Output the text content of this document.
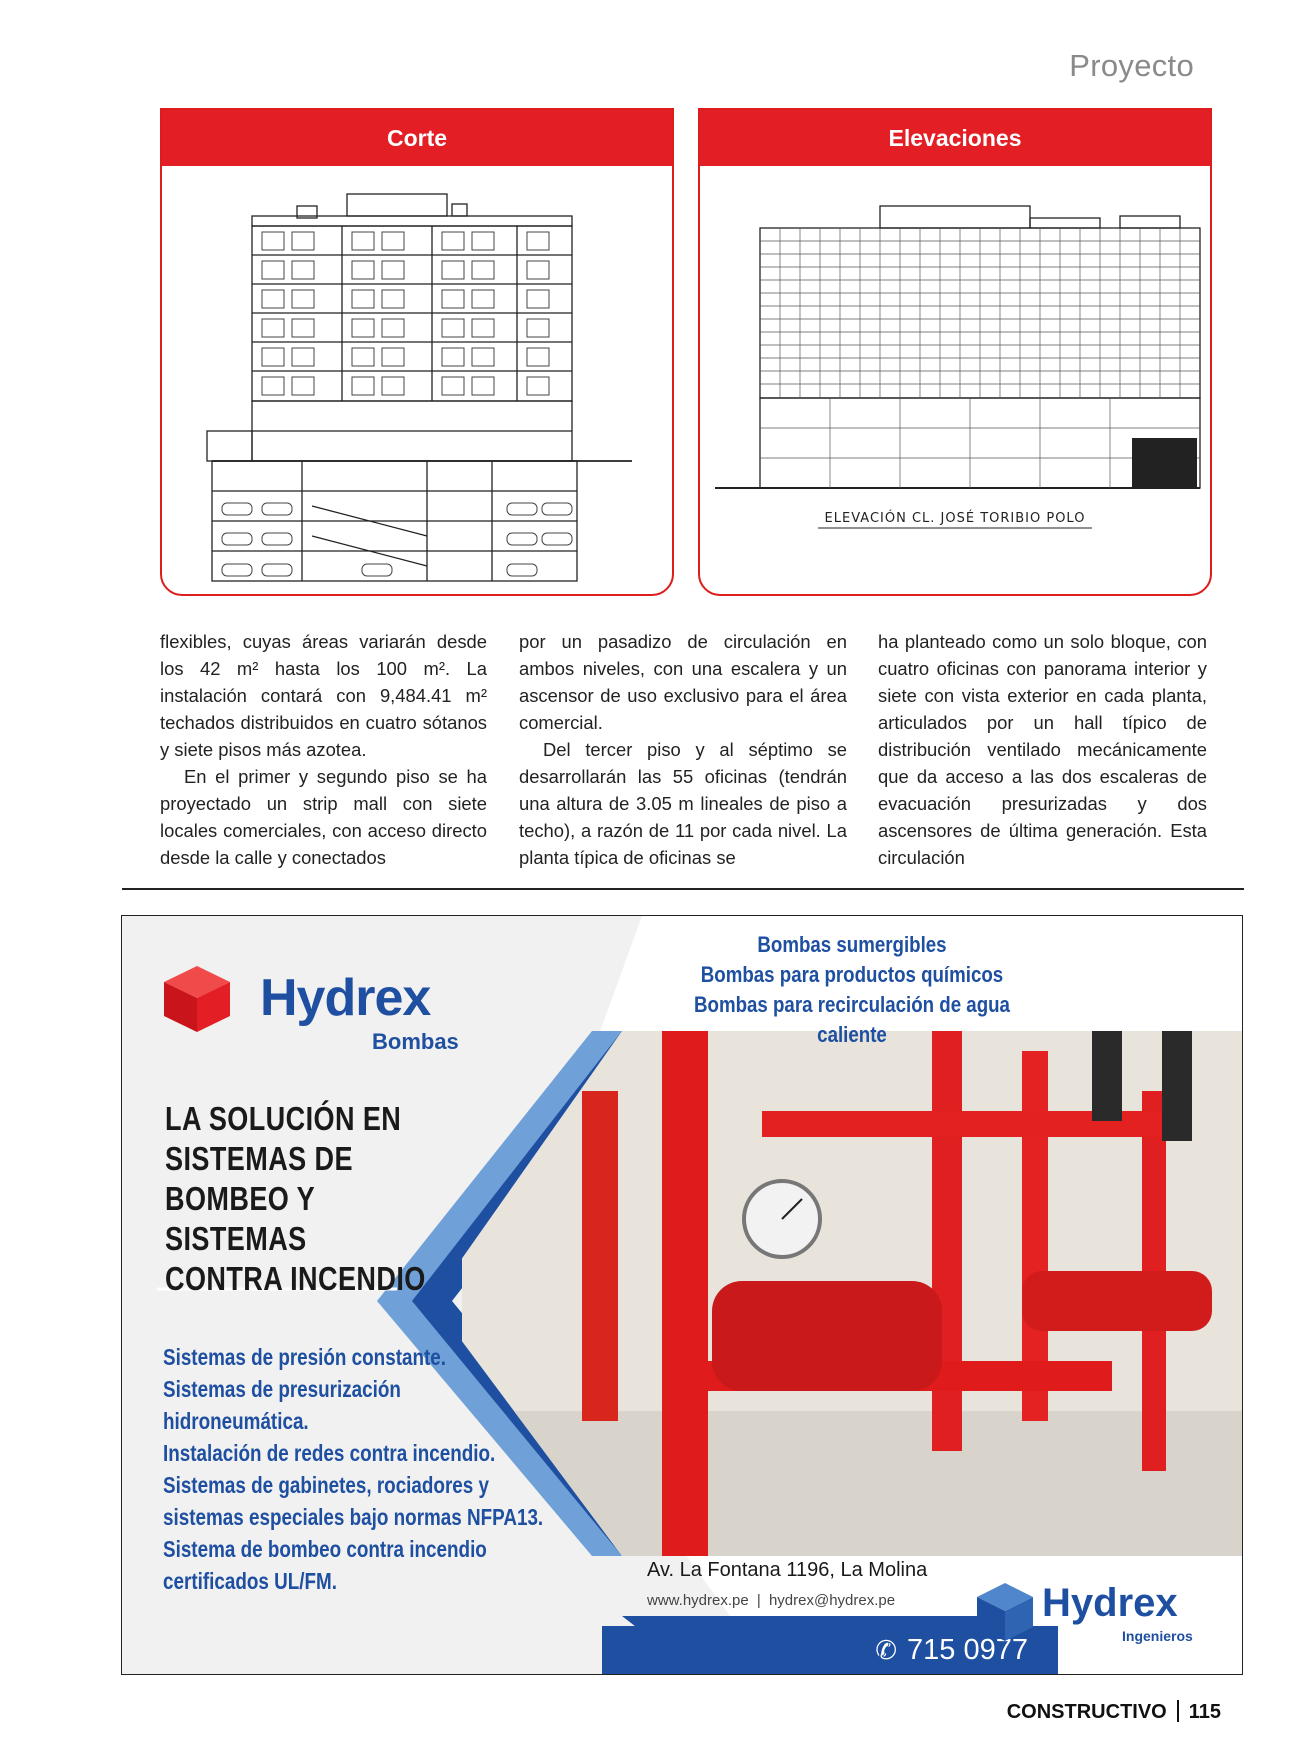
Proyecto
Corte	Elevaciones
ELEVACIÓN CL. JOSÉ TORIBIO POLO

flexibles, cuyas áreas variarán desde los 42 m² hasta los 100 m². La instalación contará con 9,484.41 m² techados distribuidos en cuatro sótanos y siete pisos más azotea.

En el primer y segundo piso se ha proyectado un strip mall con siete locales comerciales, con acceso directo desde la calle y conectados

por un pasadizo de circulación en ambos niveles, con una escalera y un ascensor de uso exclusivo para el área comercial.

Del tercer piso y al séptimo se desarrollarán las 55 oficinas (tendrán una altura de 3.05 m lineales de piso a techo), a razón de 11 por cada nivel. La planta típica de oficinas se

ha planteado como un solo bloque, con cuatro oficinas con panorama interior y siete con vista exterior en cada planta, articulados por un hall típico de distribución ventilado mecánicamente que da acceso a las dos escaleras de evacuación presurizadas y dos ascensores de última generación. Esta circulación

Hydrex
Bombas
LA SOLUCIÓN EN
SISTEMAS DE
BOMBEO Y SISTEMAS
CONTRA INCENDIO
Sistemas de presión constante.
Sistemas de presurización
hidroneumática.
Instalación de redes contra incendio.
Sistemas de gabinetes, rociadores y
sistemas especiales bajo normas NFPA13.
Sistema de bombeo contra incendio
certificados UL/FM.
Bombas sumergibles
Bombas para productos químicos
Bombas para recirculación de agua caliente
Av. La Fontana 1196, La Molina
www.hydrex.pe | hydrex@hydrex.pe
✆ 715 0977
Hydrex
Ingenieros
CONSTRUCTIVO 115
